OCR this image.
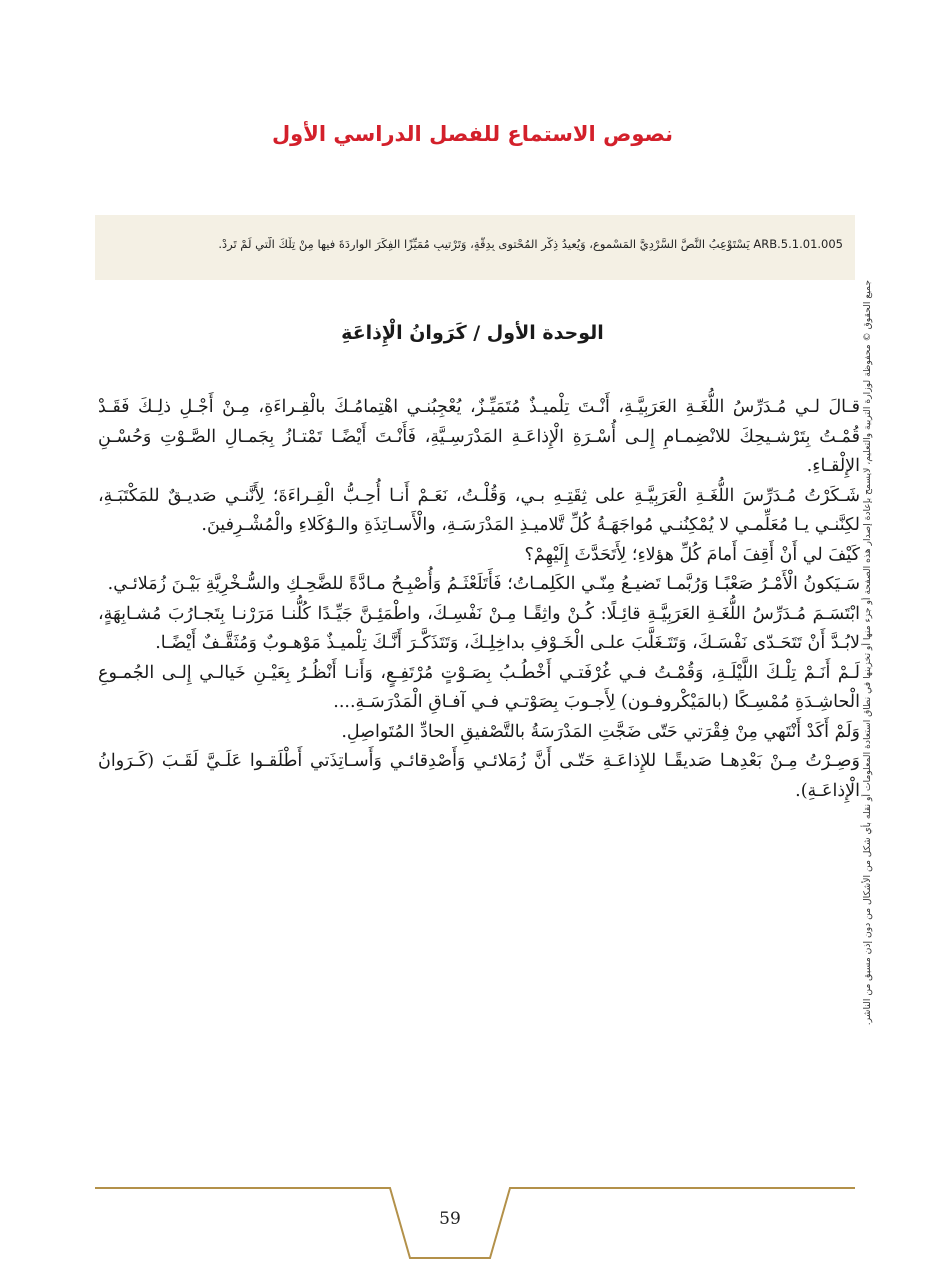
نصوص الاستماع للفصل الدراسي الأول
ARB.5.1.01.005 يَسْتَوْعِبُ النَّصَّ السَّرْدِيَّ المَسْموع، وَيُعيدُ ذِكْرِ المُحْتوى بِدِقَّةٍ، وَتَرْتيبِ مُمَيِّزًا الفِكَرَ الوارِدَةَ فيها مِنْ تِلْكَ الَّتي لَمْ تَرِدْ.
الوحدة الأول / كَرَوانُ الْإِذاعَةِ

قـالَ لـي مُـدَرِّسُ اللُّغَـةِ العَرَبِيَّـةِ، أَنْـتَ تِلْميـذٌ مُتَمَيِّـزٌ، يُعْجِبُنـي اهْتِمامُـكَ بالْقِـراءَةِ، مِـنْ أَجْـلِ ذلِـكَ فَقَـدْ قُمْـتُ بِتَرْشـيحِكَ للانْضِمـامِ إِلـى أُسْـرَةِ الْإِذاعَـةِ المَدْرَسِـيَّةِ، فَأَنْـتَ أَيْضًـا تَمْتـازُ بِجَمـالِ الصَّـوْتِ وَحُسْـنِ الإِلْقـاءِ.

شَـكَرْتُ مُـدَرِّسَ اللُّغَـةِ الْعَرَبِيَّـةِ على ثِقَتِـهِ بـي، وَقُلْـتُ، نَعَـمْ أَنـا أُحِـبُّ الْقِـراءَةَ؛ لِأَنَّنـي صَديـقٌ للمَكْتَبَـةِ، لكِنَّنـي يـا مُعَلِّمـي لا يُمْكِنُنـي مُواجَهَـةُ كُلِّ تَّلاميـذِ المَدْرَسَـةِ، والْأَسـاتِذَةِ والـوُكَلاءِ والْمُشْـرِفينَ.

كَيْفَ لي أَنْ أَقِفَ أَمامَ كُلِّ هؤلاءِ؛ لِأَتَحَدَّثَ إِلَيْهِمْ؟

سَـيَكونُ الْأَمْـرُ صَعْبًـا وَرُبَّمـا تَضيـعُ مِنّـي الكَلِمـاتُ؛ فَأَتَلَعْثَـمُ وَأُصْبِـحُ مـادَّةً للضَّحِـكِ والسُّـخْرِيَّةِ بَيْـنَ زُمَلائـي.

ابْتَسَـمَ مُـدَرِّسُ اللُّغَـةِ العَرَبِيَّـةِ قائِـلًا: كُـنْ واثِقًـا مِـنْ نَفْسِـكَ، واطْمَئِـنَّ جَيِّـدًا كُلُّنـا مَرَرْنـا بِتَجـارُبَ مُشـابِهَةٍ، لابُـدَّ أَنْ تَتَحَـدّى نَفْسَـكَ، وَتَتَـغَلَّبَ علـى الْخَـوْفِ بداخِلِـكَ، وَتَتَذَكَّـرَ أَنَّـكَ تِلْميـذٌ مَوْهـوبٌ وَمُثَقَّـفٌ أَيْضًـا.

لَـمْ أَنَـمْ تِلْـكَ اللَّيْلَـةِ، وَقُمْـتُ فـي غُرْفَتـي أَخْطُـبُ بِصَـوْتٍ مُرْتَفِـعٍ، وَأَنـا أَنْظُـرُ بِعَيْـنِ خَيالـي إِلـى الجُمـوعِ الْحاشِـدَةِ مُمْسِـكًا (بالمَيْكْروفـون) لِأَجـوبَ بِصَوْتـي فـي آفـاقِ الْمَدْرَسَـةِ....

وَلَمْ أَكَدْ أَنْتَهي مِنْ فِقْرَتي حَتّى ضَجَّتِ المَدْرَسَةُ بالتَّصْفيقِ الحادِّ المُتَواصِلِ.

وَصِـرْتُ مِـنْ بَعْدِهـا صَديقًـا للإِذاعَـةِ حَتّـى أَنَّ زُمَلائـي وَأَصْدِقائـي وَأَسـاتِذَتي أَطْلَقـوا عَلَـيَّ لَقَـبَ (كَـرَوانُ الْإِذاعَـةِ). جميع الحقوق © محفوظة لوزارة التربية والتعليم، لايسمح بإعادة إصدار هذه الصفحة أو جزء منها أو تخزينها في نطاق استعادة المعلومات أو نقله بأي شكل من الأشكال من دون إذن مسبق من الناشر.
59
